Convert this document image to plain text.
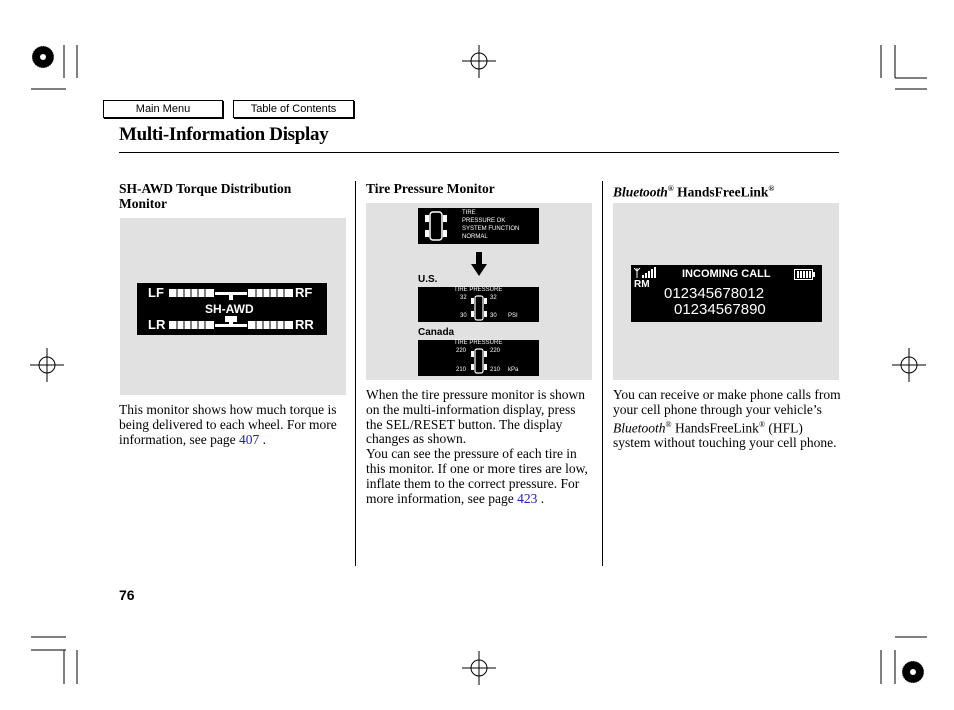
Main Menu	Table of Contents
Multi-Information Display
SH-AWD Torque Distribution Monitor
LF	RF
LR	RR
SH-AWD
This monitor shows how much torque is being delivered to each wheel. For more information, see page 407 .
Tire Pressure Monitor
TIRE
PRESSURE OK
SYSTEM FUNCTION
NORMAL
U.S.
TIRE PRESSURE
32	32
30	30 PSI
Canada
TIRE PRESSURE
220	220
210	210 kPa
When the tire pressure monitor is shown on the multi-information display, press the SEL/RESET button. The display changes as shown.
You can see the pressure of each tire in this monitor. If one or more tires are low, inflate them to the correct pressure. For more information, see page 423 .
Bluetooth® HandsFreeLink®
INCOMING CALL
RM
012345678012
01234567890
You can receive or make phone calls from your cell phone through your vehicle’s Bluetooth® HandsFreeLink® (HFL) system without touching your cell phone.
76
